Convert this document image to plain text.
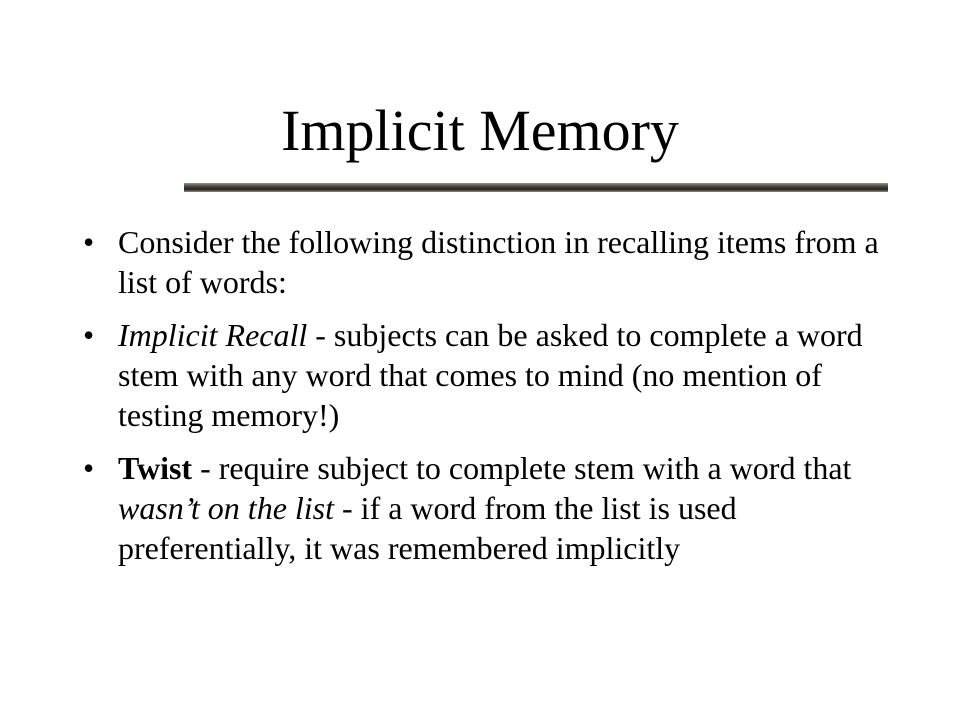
Implicit Memory
• Consider the following distinction in recalling items from a list of words:
• Implicit Recall - subjects can be asked to complete a word stem with any word that comes to mind (no mention of testing memory!)
• Twist - require subject to complete stem with a word that wasn’t on the list - if a word from the list is used preferentially, it was remembered implicitly
